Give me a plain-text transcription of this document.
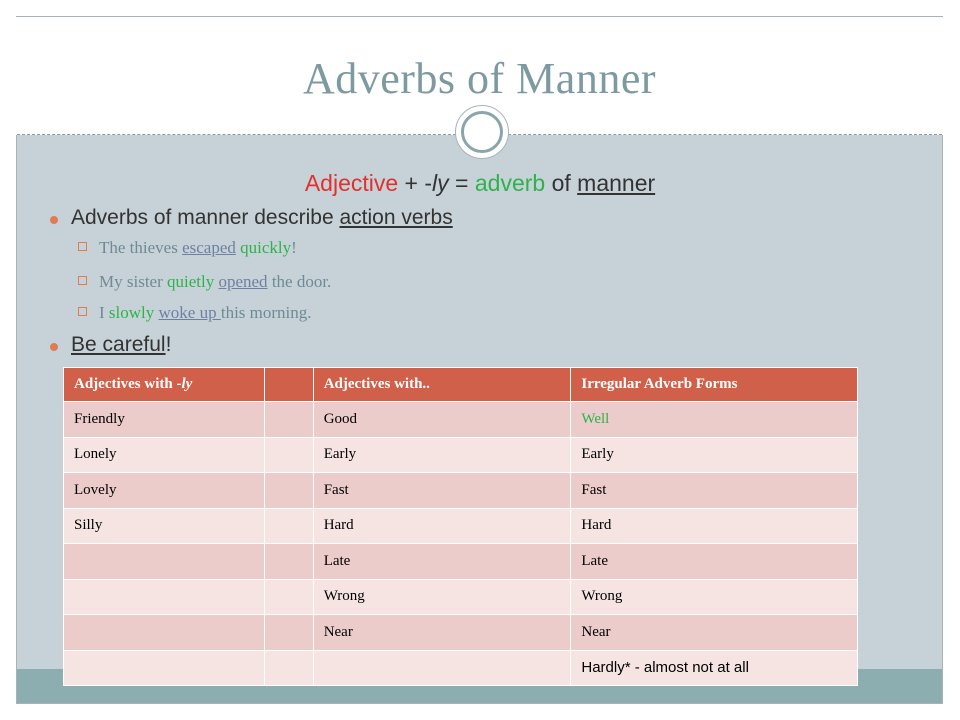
Adverbs of Manner
Adjective + -ly = adverb of manner
Adverbs of manner describe action verbs
The thieves escaped quickly!
My sister quietly opened the door.
I slowly woke up this morning.
Be careful!
Adjectives with -ly		Adjectives with..	Irregular Adverb Forms
Friendly		Good	Well
Lonely		Early	Early
Lovely		Fast	Fast
Silly		Hard	Hard
		Late	Late
		Wrong	Wrong
		Near	Near
			Hardly* - almost not at all
